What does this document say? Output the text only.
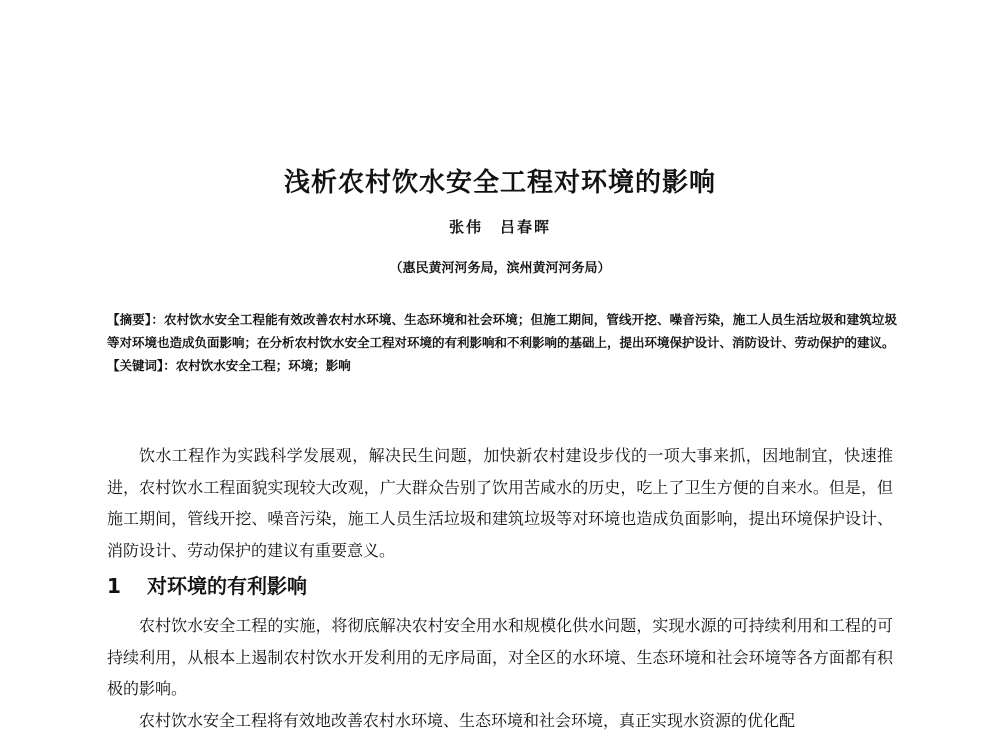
浅析农村饮水安全工程对环境的影响
张伟　吕春晖
（惠民黄河河务局，滨州黄河河务局）

【摘要】：农村饮水安全工程能有效改善农村水环境、生态环境和社会环境；但施工期间，管线开挖、噪音污染，施工人员生活垃圾和建筑垃圾等对环境也造成负面影响；在分析农村饮水安全工程对环境的有利影响和不利影响的基础上，提出环境保护设计、消防设计、劳动保护的建议。

【关键词】：农村饮水安全工程；环境；影响

饮水工程作为实践科学发展观，解决民生问题，加快新农村建设步伐的一项大事来抓，因地制宜，快速推进，农村饮水工程面貌实现较大改观，广大群众告别了饮用苦咸水的历史，吃上了卫生方便的自来水。但是，但施工期间，管线开挖、噪音污染，施工人员生活垃圾和建筑垃圾等对环境也造成负面影响，提出环境保护设计、消防设计、劳动保护的建议有重要意义。

1 对环境的有利影响

农村饮水安全工程的实施，将彻底解决农村安全用水和规模化供水问题，实现水源的可持续利用和工程的可持续利用，从根本上遏制农村饮水开发利用的无序局面，对全区的水环境、生态环境和社会环境等各方面都有积极的影响。

农村饮水安全工程将有效地改善农村水环境、生态环境和社会环境，真正实现水资源的优化配
